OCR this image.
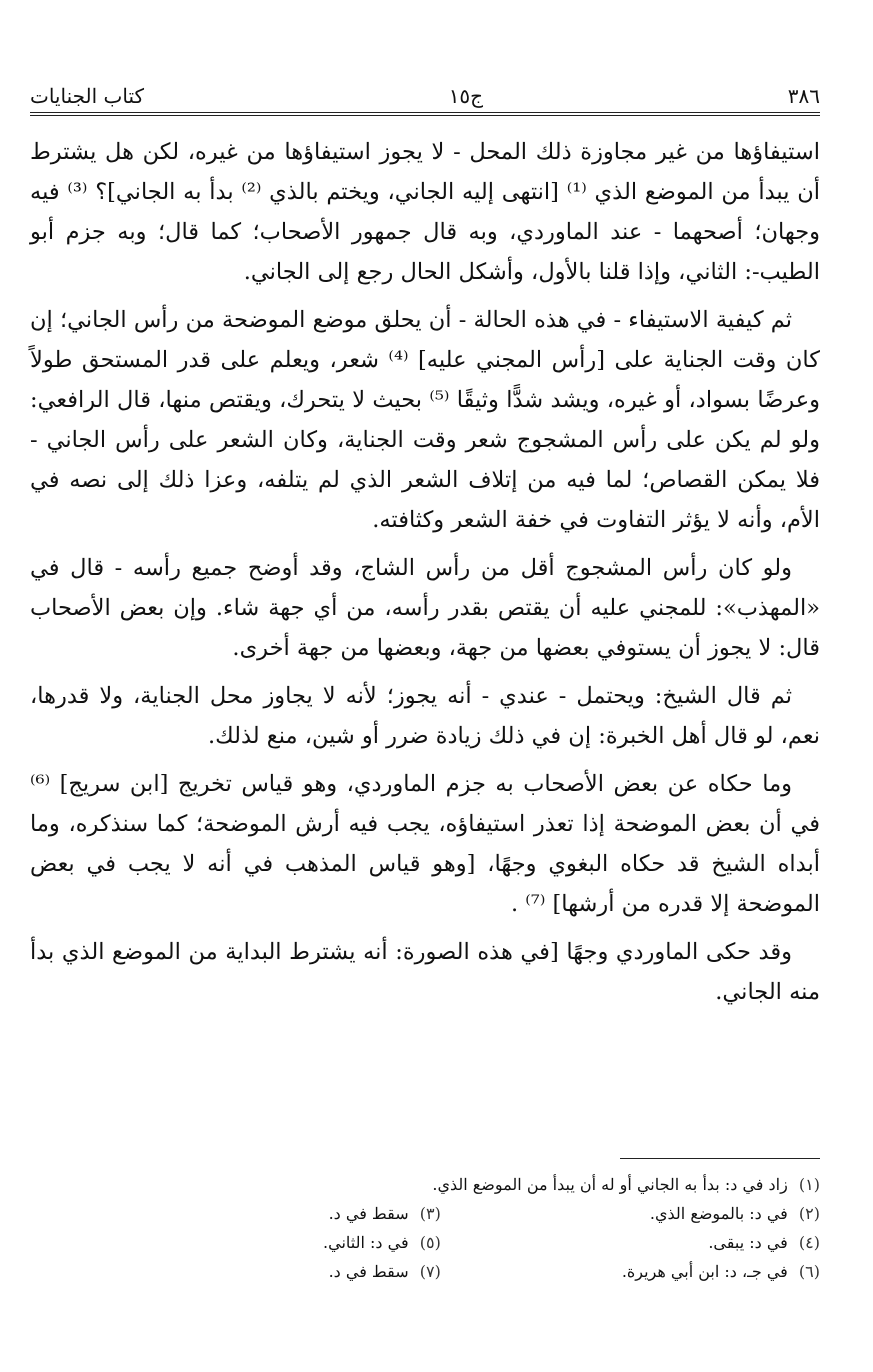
٣٨٦
ج١٥
كتاب الجنايات

استيفاؤها من غير مجاوزة ذلك المحل - لا يجوز استيفاؤها من غيره، لكن هل يشترط أن يبدأ من الموضع الذي ⁽¹⁾ [انتهى إليه الجاني، ويختم بالذي ⁽²⁾ بدأ به الجاني]؟ ⁽³⁾ فيه وجهان؛ أصحهما - عند الماوردي، وبه قال جمهور الأصحاب؛ كما قال؛ وبه جزم أبو الطيب-: الثاني، وإذا قلنا بالأول، وأشكل الحال رجع إلى الجاني.

ثم كيفية الاستيفاء - في هذه الحالة - أن يحلق موضع الموضحة من رأس الجاني؛ إن كان وقت الجناية على [رأس المجني عليه] ⁽⁴⁾ شعر، ويعلم على قدر المستحق طولاً وعرضًا بسواد، أو غيره، ويشد شدًّا وثيقًا ⁽⁵⁾ بحيث لا يتحرك، ويقتص منها، قال الرافعي: ولو لم يكن على رأس المشجوج شعر وقت الجناية، وكان الشعر على رأس الجاني - فلا يمكن القصاص؛ لما فيه من إتلاف الشعر الذي لم يتلفه، وعزا ذلك إلى نصه في الأم، وأنه لا يؤثر التفاوت في خفة الشعر وكثافته.

ولو كان رأس المشجوج أقل من رأس الشاج، وقد أوضح جميع رأسه - قال في «المهذب»: للمجني عليه أن يقتص بقدر رأسه، من أي جهة شاء. وإن بعض الأصحاب قال: لا يجوز أن يستوفي بعضها من جهة، وبعضها من جهة أخرى.

ثم قال الشيخ: ويحتمل - عندي - أنه يجوز؛ لأنه لا يجاوز محل الجناية، ولا قدرها، نعم، لو قال أهل الخبرة: إن في ذلك زيادة ضرر أو شين، منع لذلك.

وما حكاه عن بعض الأصحاب به جزم الماوردي، وهو قياس تخريج [ابن سريج] ⁽⁶⁾ في أن بعض الموضحة إذا تعذر استيفاؤه، يجب فيه أرش الموضحة؛ كما سنذكره، وما أبداه الشيخ قد حكاه البغوي وجهًا، [وهو قياس المذهب في أنه لا يجب في بعض الموضحة إلا قدره من أرشها] ⁽⁷⁾ .

وقد حكى الماوردي وجهًا [في هذه الصورة: أنه يشترط البداية من الموضع الذي بدأ منه الجاني.

(١) زاد في د: بدأ به الجاني أو له أن يبدأ من الموضع الذي.
(٢) في د: بالموضع الذي.
(٣) سقط في د.
(٤) في د: يبقى.
(٥) في د: الثاني.
(٦) في جـ، د: ابن أبي هريرة.
(٧) سقط في د.
